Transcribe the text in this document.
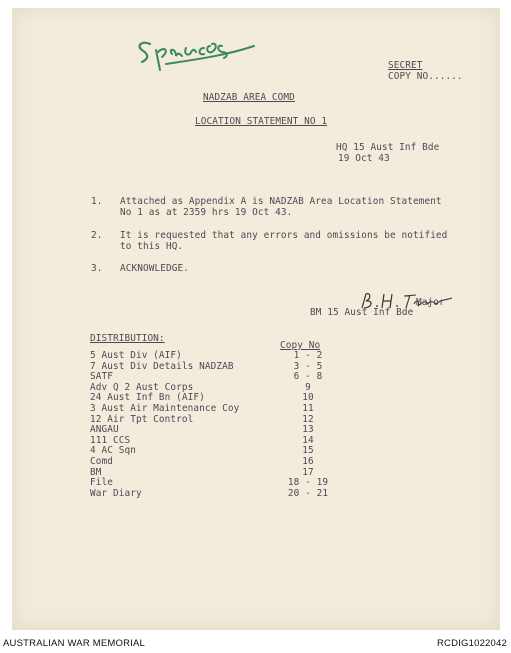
SECRET
COPY NO......
NADZAB AREA COMD
LOCATION STATEMENT NO 1
HQ 15 Aust Inf Bde
19 Oct 43
1. Attached as Appendix A is NADZAB Area Location Statement
No 1 as at 2359 hrs 19 Oct 43.
2. It is requested that any errors and omissions be notified
to this HQ.
3. ACKNOWLEDGE.
Major
BM 15 Aust Inf Bde
DISTRIBUTION:
Copy No
5 Aust Div (AIF)	1 - 2
7 Aust Div Details NADZAB	3 - 5
SATF	6 - 8
Adv Q 2 Aust Corps	9
24 Aust Inf Bn (AIF)	10
3 Aust Air Maintenance Coy	11
12 Air Tpt Control	12
ANGAU	13
111 CCS	14
4 AC Sqn	15
Comd	16
BM	17
File	18 - 19
War Diary	20 - 21
AUSTRALIAN WAR MEMORIAL	RCDIG1022042
